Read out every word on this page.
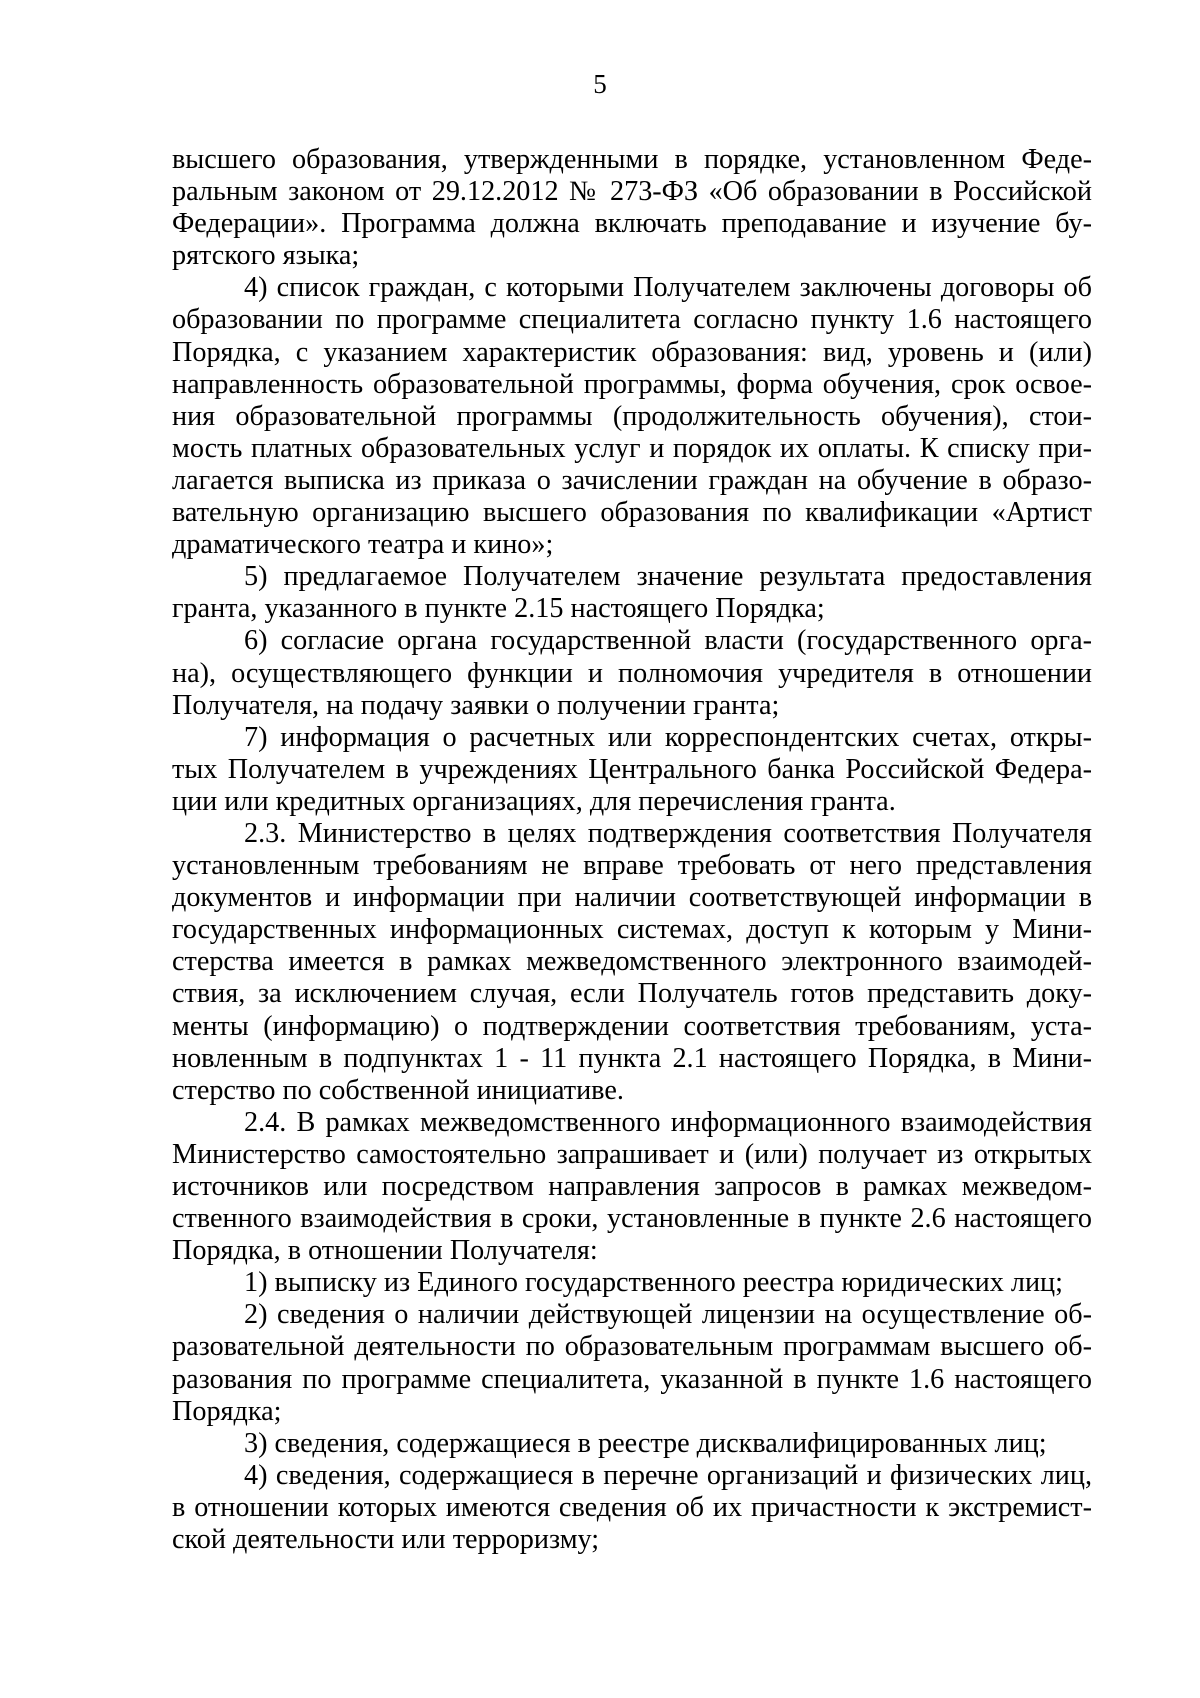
5

высшего образования, утвержденными в порядке, установленном Феде-

ральным законом от 29.12.2012 № 273-ФЗ «Об образовании в Российской

Федерации». Программа должна включать преподавание и изучение бу-

рятского языка;

4) список граждан, с которыми Получателем заключены договоры об

образовании по программе специалитета согласно пункту 1.6 настоящего

Порядка, с указанием характеристик образования: вид, уровень и (или)

направленность образовательной программы, форма обучения, срок освое-

ния образовательной программы (продолжительность обучения), стои-

мость платных образовательных услуг и порядок их оплаты. К списку при-

лагается выписка из приказа о зачислении граждан на обучение в образо-

вательную организацию высшего образования по квалификации «Артист

драматического театра и кино»;

5) предлагаемое Получателем значение результата предоставления

гранта, указанного в пункте 2.15 настоящего Порядка;

6) согласие органа государственной власти (государственного орга-

на), осуществляющего функции и полномочия учредителя в отношении

Получателя, на подачу заявки о получении гранта;

7) информация о расчетных или корреспондентских счетах, откры-

тых Получателем в учреждениях Центрального банка Российской Федера-

ции или кредитных организациях, для перечисления гранта.

2.3. Министерство в целях подтверждения соответствия Получателя

установленным требованиям не вправе требовать от него представления

документов и информации при наличии соответствующей информации в

государственных информационных системах, доступ к которым у Мини-

стерства имеется в рамках межведомственного электронного взаимодей-

ствия, за исключением случая, если Получатель готов представить доку-

менты (информацию) о подтверждении соответствия требованиям, уста-

новленным в подпунктах 1 - 11 пункта 2.1 настоящего Порядка, в Мини-

стерство по собственной инициативе.

2.4. В рамках межведомственного информационного взаимодействия

Министерство самостоятельно запрашивает и (или) получает из открытых

источников или посредством направления запросов в рамках межведом-

ственного взаимодействия в сроки, установленные в пункте 2.6 настоящего

Порядка, в отношении Получателя:

1) выписку из Единого государственного реестра юридических лиц;

2) сведения о наличии действующей лицензии на осуществление об-

разовательной деятельности по образовательным программам высшего об-

разования по программе специалитета, указанной в пункте 1.6 настоящего

Порядка;

3) сведения, содержащиеся в реестре дисквалифицированных лиц;

4) сведения, содержащиеся в перечне организаций и физических лиц,

в отношении которых имеются сведения об их причастности к экстремист-

ской деятельности или терроризму;
